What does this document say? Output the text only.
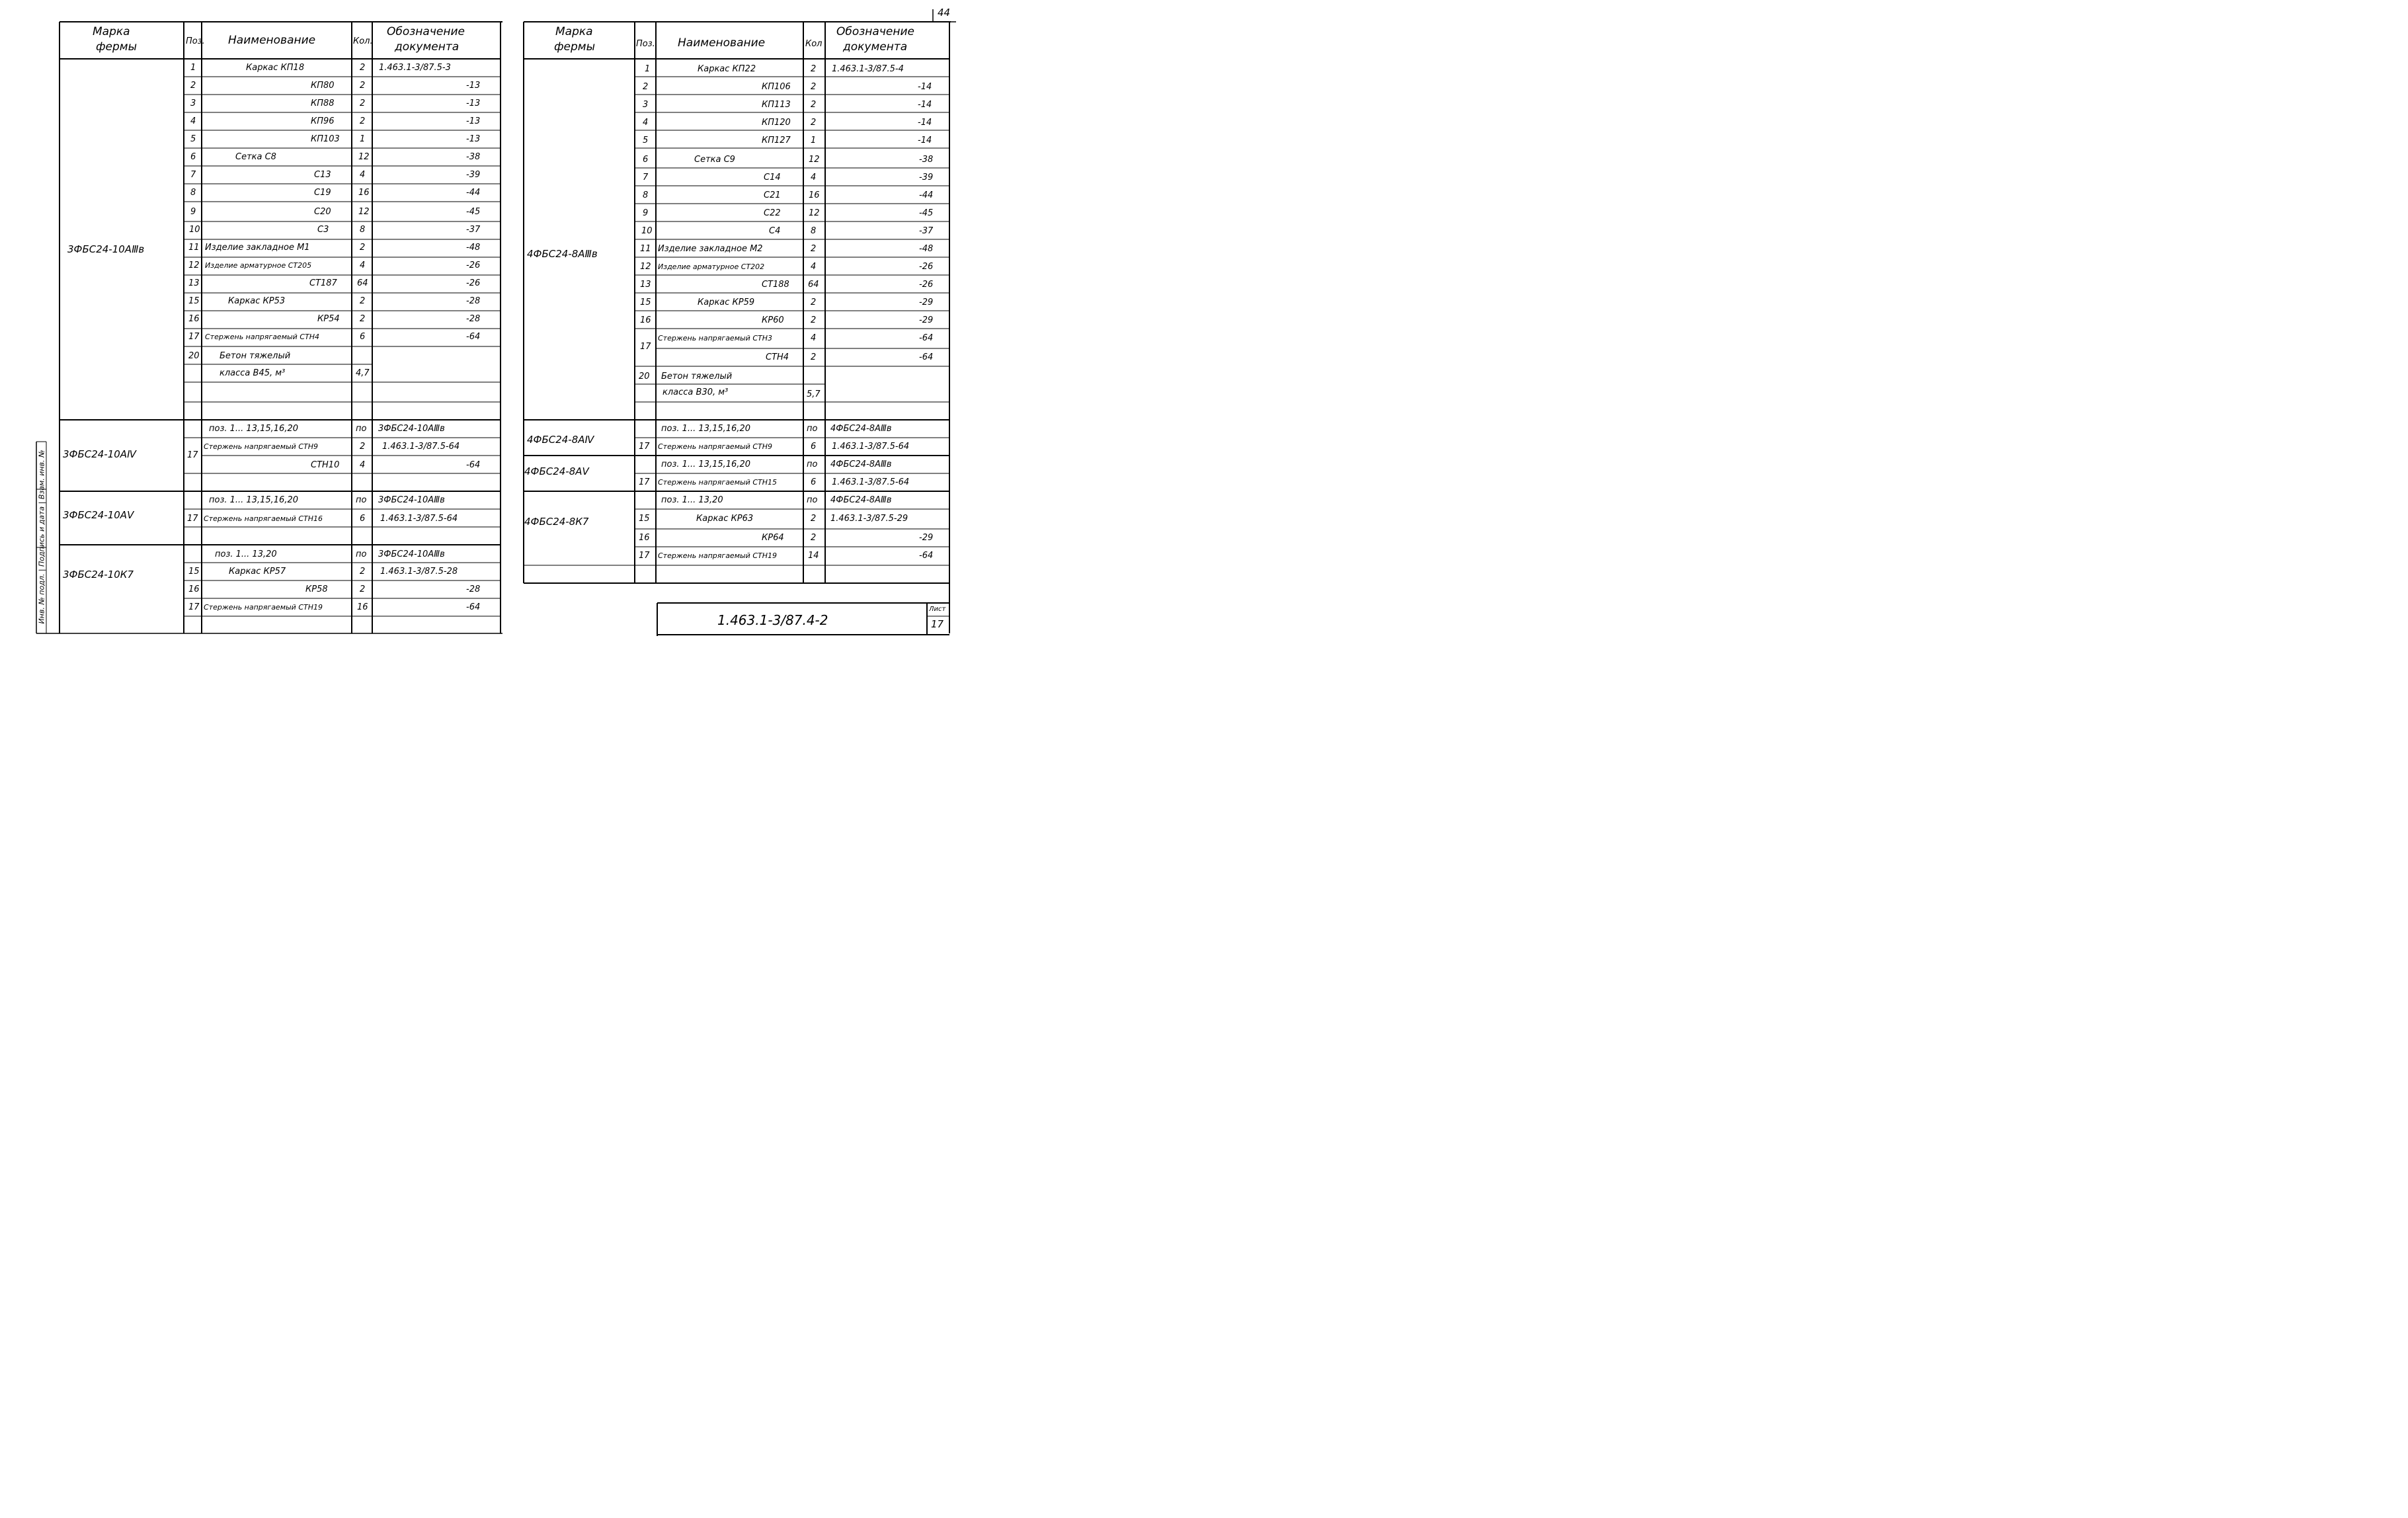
44
Инв. № подл. | Подпись и дата | Взам. инв. №
Марка
фермы	Поз. Наименование	Кол.
Обозначение
документа
3ФБС24-10АⅢв
1	Каркас КП18	2 1.463.1-3/87.5-3
2	КП80	2	-13
3	КП88	2	-13
4	КП96	2	-13
5	КП103 1	-13
6	Сетка С8	12	-38
7	С13	4	-39
8	С19	16	-44
9	С20	12	-45
10	С3	8	-37
11 Изделие закладное М1	2	-48
12 Изделие арматурное СТ205	4	-26
13	СТ187 64	-26
15	Каркас КР53	2	-28
16	КР54 2	-28
17 Стержень напрягаемый СТН4	6	-64
20 Бетон тяжелый
класса В45, м³	4,7
3ФБС24-10АⅣ
поз. 1... 13,15,16,20	по 3ФБС24-10АⅢв
17
Стержень напрягаемый СТН9	2 1.463.1-3/87.5-64
СТН10 4	-64
3ФБС24-10АⅤ
поз. 1... 13,15,16,20	по 3ФБС24-10АⅢв
17 Стержень напрягаемый СТН16	6 1.463.1-3/87.5-64
3ФБС24-10К7
поз. 1... 13,20	по 3ФБС24-10АⅢв
15	Каркас КР57	2 1.463.1-3/87.5-28
16	КР58	2	-28
17 Стержень напрягаемый СТН19	16	-64
Марка
фермы	Поз. Наименование	Кол
Обозначение
документа
4ФБС24-8АⅢв
1	Каркас КП22	2 1.463.1-3/87.5-4
2	КП106 2	-14
3	КП113 2	-14
4	КП120 2	-14
5	КП127 1	-14
6	Сетка С9	12	-38
7	С14	4	-39
8	С21	16	-44
9	С22	12	-45
10	С4	8	-37
11 Изделие закладное М2	2	-48
12 Изделие арматурное СТ202	4	-26
13	СТ188 64	-26
15	Каркас КР59	2	-29
16	КР60	2	-29
17
Стержень напрягаемый СТН3	4	-64
СТН4	2	-64
20 Бетон тяжелый
класса В30, м³	5,7
4ФБС24-8АⅣ
поз. 1... 13,15,16,20	по 4ФБС24-8АⅢв
17 Стержень напрягаемый СТН9	6 1.463.1-3/87.5-64
4ФБС24-8АⅤ
поз. 1... 13,15,16,20	по 4ФБС24-8АⅢв
17 Стержень напрягаемый СТН15	6 1.463.1-3/87.5-64
4ФБС24-8К7
поз. 1... 13,20	по 4ФБС24-8АⅢв
15	Каркас КР63	2 1.463.1-3/87.5-29
16	КР64	2	-29
17 Стержень напрягаемый СТН19	14	-64
1.463.1-3/87.4-2
Лист
17
